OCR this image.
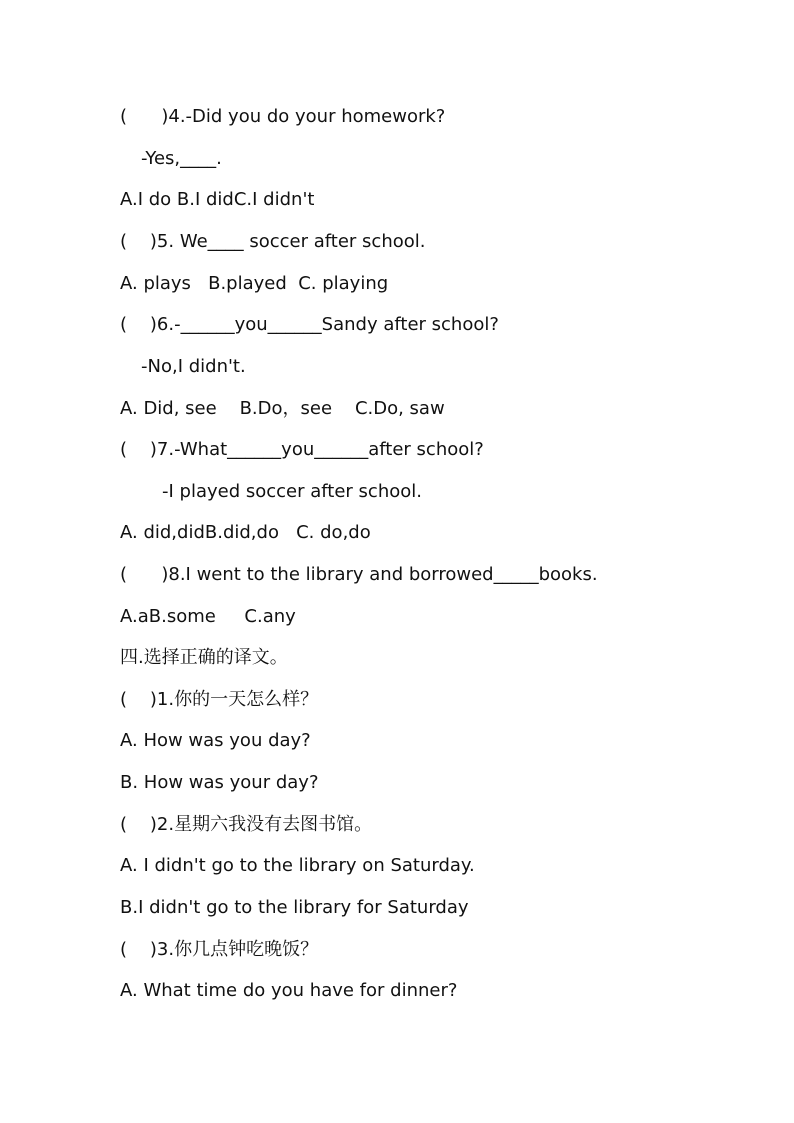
(      )4.-Did you do your homework?
-Yes,____.
A.I do B.I didC.I didn't
(    )5. We____ soccer after school.
A. plays   B.played  C. playing
(    )6.-______you______Sandy after school?
-No,I didn't.
A. Did, see    B.Do，see    C.Do, saw
(    )7.-What______you______after school?
-I played soccer after school.
A. did,didB.did,do   C. do,do
(      )8.I went to the library and borrowed_____books.
A.aB.some     C.any
四.选择正确的译文。
(    )1.你的一天怎么样？
A. How was you day?
B. How was your day?
(    )2.星期六我没有去图书馆。
A. I didn't go to the library on Saturday.
B.I didn't go to the library for Saturday
(    )3.你几点钟吃晚饭？
A. What time do you have for dinner?
